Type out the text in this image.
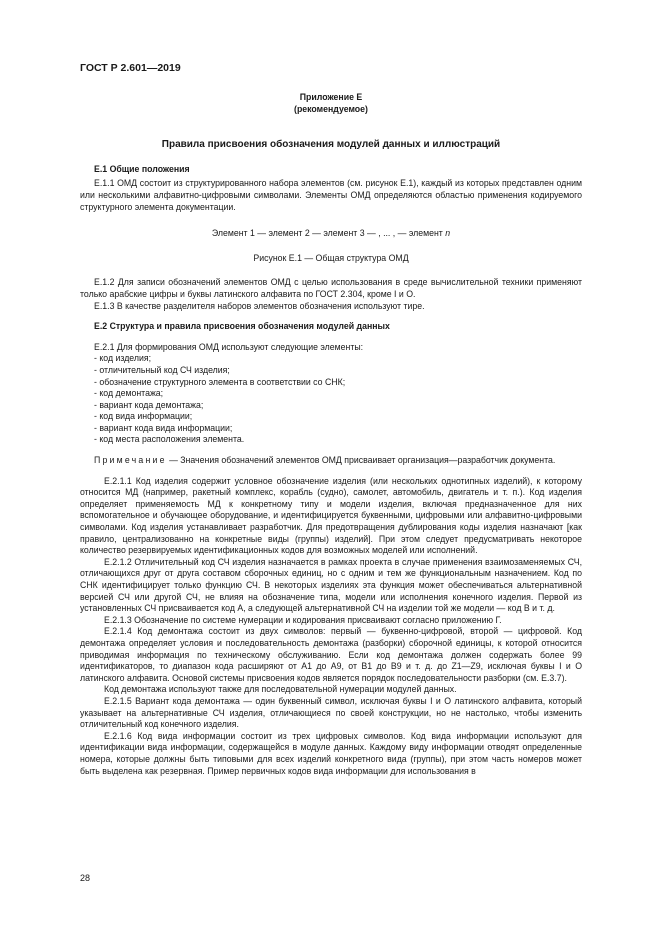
ГОСТ Р 2.601—2019
Приложение Е
(рекомендуемое)
Правила присвоения обозначения модулей данных и иллюстраций
Е.1 Общие положения

Е.1.1 ОМД состоит из структурированного набора элементов (см. рисунок Е.1), каждый из которых представлен одним или несколькими алфавитно-цифровыми символами. Элементы ОМД определяются областью применения кодируемого структурного элемента документации.

Элемент 1 — элемент 2 — элемент 3 — , ... , — элемент n
Рисунок Е.1 — Общая структура ОМД

Е.1.2 Для записи обозначений элементов ОМД с целью использования в среде вычислительной техники применяют только арабские цифры и буквы латинского алфавита по ГОСТ 2.304, кроме I и О.

Е.1.3 В качестве разделителя наборов элементов обозначения используют тире.

Е.2 Структура и правила присвоения обозначения модулей данных

Е.2.1 Для формирования ОМД используют следующие элементы:

- код изделия;
- отличительный код СЧ изделия;
- обозначение структурного элемента в соответствии со СНК;
- код демонтажа;
- вариант кода демонтажа;
- код вида информации;
- вариант кода вида информации;
- код места расположения элемента.

Примечание — Значения обозначений элементов ОМД присваивает организация—разработчик документа.

Е.2.1.1 Код изделия содержит условное обозначение изделия (или нескольких однотипных изделий), к которому относится МД (например, ракетный комплекс, корабль (судно), самолет, автомобиль, двигатель и т. п.). Код изделия определяет применяемость МД к конкретному типу и модели изделия, включая предназначенное для них вспомогательное и обучающее оборудование, и идентифицируется буквенными, цифровыми или алфавитно-цифровыми символами. Код изделия устанавливает разработчик. Для предотвращения дублирования коды изделия назначают [как правило, централизованно на конкретные виды (группы) изделий]. При этом следует предусматривать некоторое количество резервируемых идентификационных кодов для возможных моделей или исполнений.

Е.2.1.2 Отличительный код СЧ изделия назначается в рамках проекта в случае применения взаимозаменяемых СЧ, отличающихся друг от друга составом сборочных единиц, но с одним и тем же функциональным назначением. Код по СНК идентифицирует только функцию СЧ. В некоторых изделиях эта функция может обеспечиваться альтернативной версией СЧ или другой СЧ, не влияя на обозначение типа, модели или исполнения конечного изделия. Первой из установленных СЧ присваивается код А, а следующей альтернативной СЧ на изделии той же модели — код В и т. д.

Е.2.1.3 Обозначение по системе нумерации и кодирования присваивают согласно приложению Г.

Е.2.1.4 Код демонтажа состоит из двух символов: первый — буквенно-цифровой, второй — цифровой. Код демонтажа определяет условия и последовательность демонтажа (разборки) сборочной единицы, к которой относится приводимая информация по техническому обслуживанию. Если код демонтажа должен содержать более 99 идентификаторов, то диапазон кода расширяют от А1 до А9, от В1 до В9 и т. д. до Z1—Z9, исключая буквы I и О латинского алфавита. Основой системы присвоения кодов является порядок последовательности разборки (см. Е.3.7).

Код демонтажа используют также для последовательной нумерации модулей данных.

Е.2.1.5 Вариант кода демонтажа — один буквенный символ, исключая буквы I и О латинского алфавита, который указывает на альтернативные СЧ изделия, отличающиеся по своей конструкции, но не настолько, чтобы изменить отличительный код конечного изделия.

Е.2.1.6 Код вида информации состоит из трех цифровых символов. Код вида информации используют для идентификации вида информации, содержащейся в модуле данных. Каждому виду информации отводят определенные номера, которые должны быть типовыми для всех изделий конкретного вида (группы), при этом часть номеров может быть выделена как резервная. Пример первичных кодов вида информации для использования в

28
